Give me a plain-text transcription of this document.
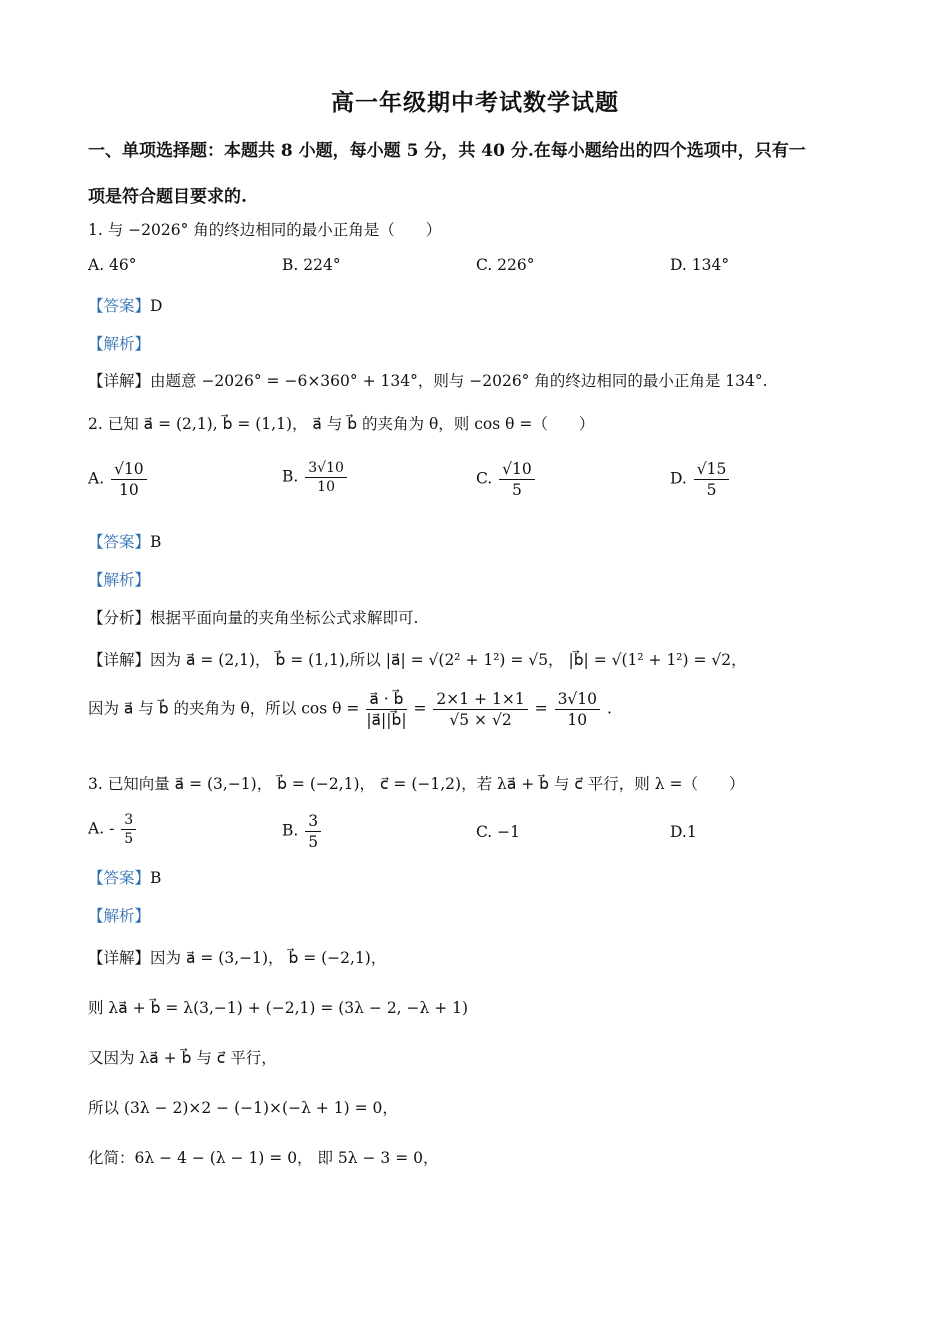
高一年级期中考试数学试题
一、单项选择题：本题共 8 小题，每小题 5 分，共 40 分.在每小题给出的四个选项中，只有一
项是符合题目要求的.
1. 与 −2026° 角的终边相同的最小正角是（　　）
A. 46°	B. 224°	C. 226°	D. 134°
【答案】D
【解析】
【详解】由题意 −2026° = −6×360° + 134°，则与 −2026° 角的终边相同的最小正角是 134°.
2. 已知 a⃗ = (2,1), b⃗ = (1,1)， a⃗ 与 b⃗ 的夹角为 θ，则 cos θ =（　　）
A. $\frac{√10}{10}$	B. $\frac{3√10}{10}$	C. $\frac{√10}{5}$	D. $\frac{√15}{5}$
【答案】B
【解析】
【分析】根据平面向量的夹角坐标公式求解即可.
【详解】因为 a⃗ = (2,1)， b⃗ = (1,1),所以 |a⃗| = √(2² + 1²) = √5， |b⃗| = √(1² + 1²) = √2，
因为 a⃗ 与 b⃗ 的夹角为 θ，所以 $\cos \theta = \frac{a⃗ \cdot b⃗}{|a⃗||b⃗|} = \frac{2\times 1 + 1\times 1}{√5 \times √2} = \frac{3√10}{10}$ .
3. 已知向量 a⃗ = (3,−1)， b⃗ = (−2,1)， c⃗ = (−1,2)，若 λa⃗ + b⃗ 与 c⃗ 平行，则 λ =（　　）
A. - $\frac{3}{5}$	B. $\frac{3}{5}$	C. −1	D.1
【答案】B
【解析】
【详解】因为 a⃗ = (3,−1)， b⃗ = (−2,1)，
则 λa⃗ + b⃗ = λ(3,−1) + (−2,1) = (3λ − 2, −λ + 1)
又因为 λa⃗ + b⃗ 与 c⃗ 平行，
所以 (3λ − 2)×2 − (−1)×(−λ + 1) = 0，
化简：6λ − 4 − (λ − 1) = 0， 即 5λ − 3 = 0，
